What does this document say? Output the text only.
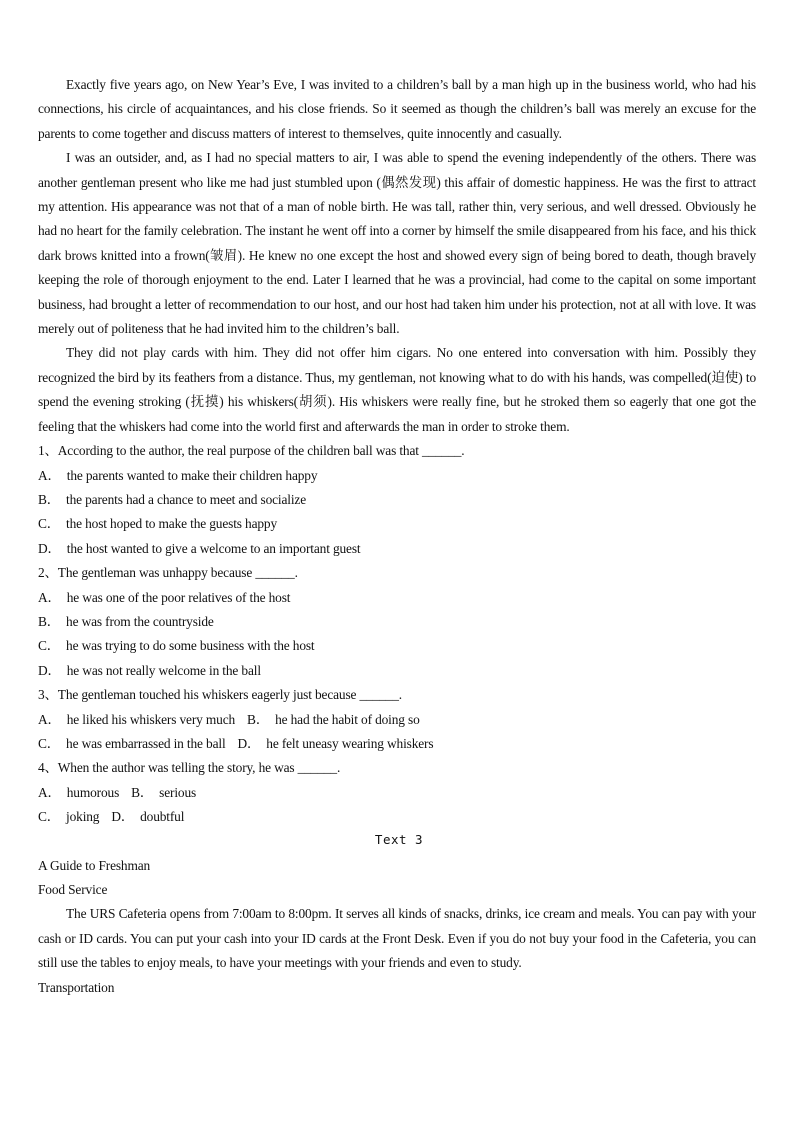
Exactly five years ago, on New Year’s Eve, I was invited to a children’s ball by a man high up in the business world, who had his connections, his circle of acquaintances, and his close friends. So it seemed as though the children’s ball was merely an excuse for the parents to come together and discuss matters of interest to themselves, quite innocently and casually.

I was an outsider, and, as I had no special matters to air, I was able to spend the evening independently of the others. There was another gentleman present who like me had just stumbled upon (偶然发现) this affair of domestic happiness. He was the first to attract my attention. His appearance was not that of a man of noble birth. He was tall, rather thin, very serious, and well dressed. Obviously he had no heart for the family celebration. The instant he went off into a corner by himself the smile disappeared from his face, and his thick dark brows knitted into a frown(皱眉). He knew no one except the host and showed every sign of being bored to death, though bravely keeping the role of thorough enjoyment to the end. Later I learned that he was a provincial, had come to the capital on some important business, had brought a letter of recommendation to our host, and our host had taken him under his protection, not at all with love. It was merely out of politeness that he had invited him to the children’s ball.

They did not play cards with him. They did not offer him cigars. No one entered into conversation with him. Possibly they recognized the bird by its feathers from a distance. Thus, my gentleman, not knowing what to do with his hands, was compelled(迫使) to spend the evening stroking (抚摸) his whiskers(胡须). His whiskers were really fine, but he stroked them so eagerly that one got the feeling that the whiskers had come into the world first and afterwards the man in order to stroke them.

1、According to the author, the real purpose of the children ball was that ______.

A． the parents wanted to make their children happy

B． the parents had a chance to meet and socialize

C． the host hoped to make the guests happy

D． the host wanted to give a welcome to an important guest

2、The gentleman was unhappy because ______.

A． he was one of the poor relatives of the host

B． he was from the countryside

C． he was trying to do some business with the host

D． he was not really welcome in the ball

3、The gentleman touched his whiskers eagerly just because ______.

A． he liked his whiskers very much B． he had the habit of doing so

C． he was embarrassed in the ball D． he felt uneasy wearing whiskers

4、When the author was telling the story, he was ______.

A． humorous B． serious

C． joking D． doubtful

Text 3

A Guide to Freshman

Food Service

The URS Cafeteria opens from 7:00am to 8:00pm. It serves all kinds of snacks, drinks, ice cream and meals. You can pay with your cash or ID cards. You can put your cash into your ID cards at the Front Desk. Even if you do not buy your food in the Cafeteria, you can still use the tables to enjoy meals, to have your meetings with your friends and even to study.

Transportation
